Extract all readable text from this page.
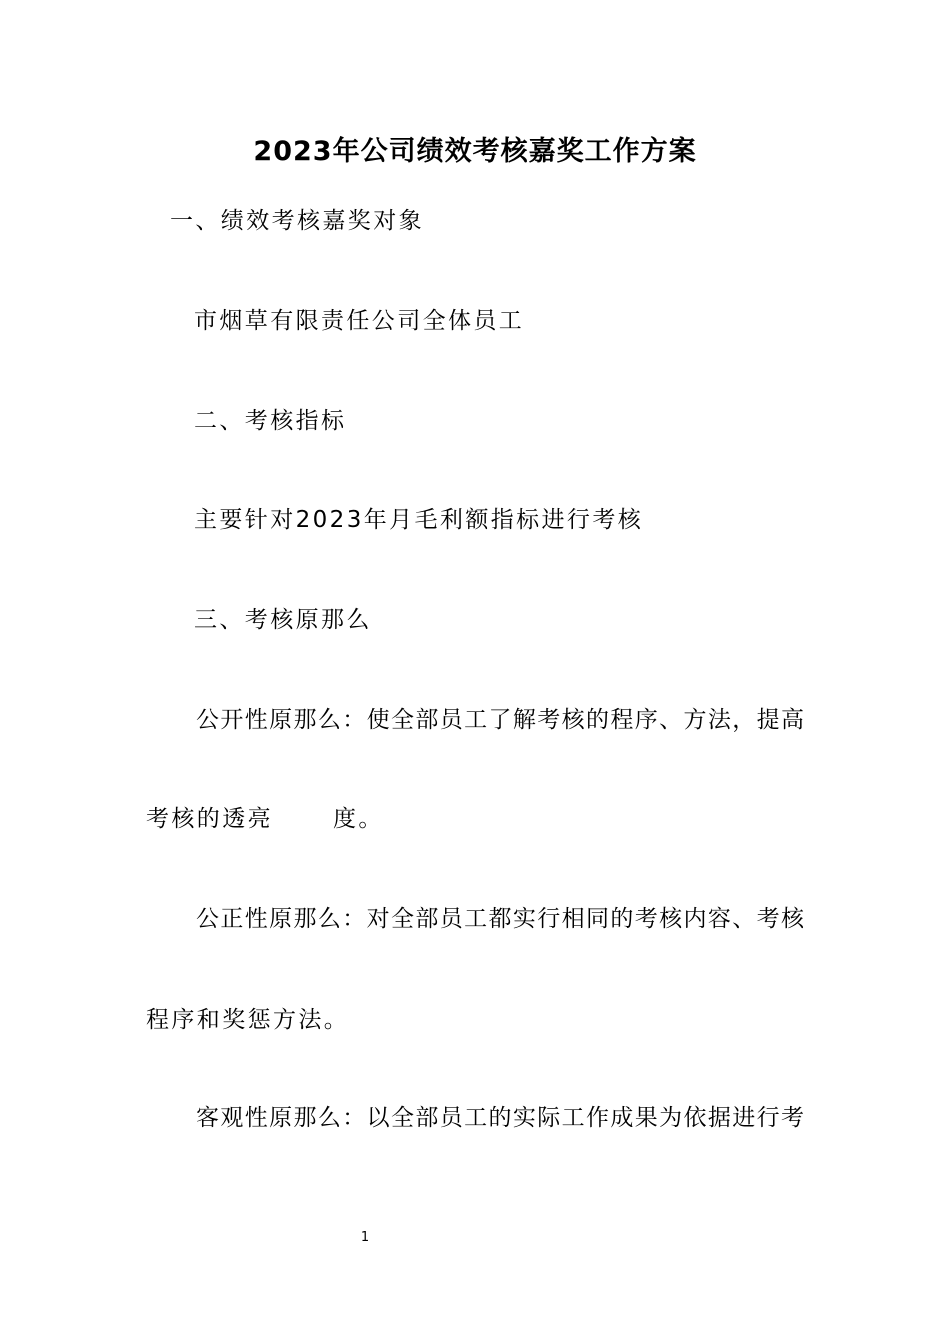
2023年公司绩效考核嘉奖工作方案
一、绩效考核嘉奖对象
市烟草有限责任公司全体员工
二、考核指标
主要针对2023年月毛利额指标进行考核
三、考核原那么
公开性原那么：使全部员工了解考核的程序、方法，提高
考核的透亮	度。
公正性原那么：对全部员工都实行相同的考核内容、考核
程序和奖惩方法。
客观性原那么：以全部员工的实际工作成果为依据进行考
1
